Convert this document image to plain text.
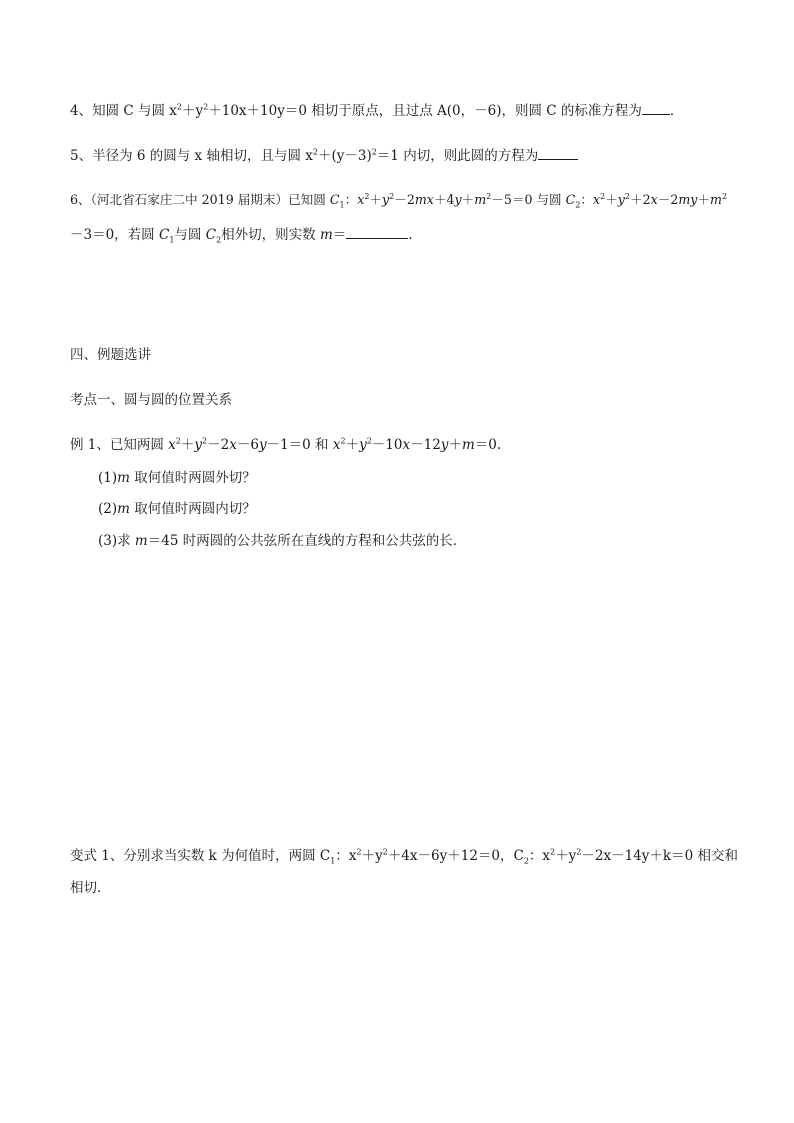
4、知圆 C 与圆 $x^2+y^2+10x+10y=0$ 相切于原点，且过点 A(0，－6)，则圆 C 的标准方程为 ．
5、半径为 6 的圆与 x 轴相切，且与圆 $x^2+(y-3)^2=1$ 内切，则此圆的方程为
6、（河北省石家庄二中 2019 届期末）已知圆 $C_1$：$x^2+y^2-2mx+4y+m^2-5=0$ 与圆 $C_2$：$x^2+y^2+2x-2my+m^2$
－3＝0，若圆 $C_1$与圆 $C_2$相外切，则实数 m＝	.
四、例题选讲
考点一、圆与圆的位置关系
例 1、已知两圆 $x^2+y^2-2x-6y-1=0$ 和 $x^2+y^2-10x-12y+m=0$.
(1)m 取何值时两圆外切？
(2)m 取何值时两圆内切？
(3)求 m＝45 时两圆的公共弦所在直线的方程和公共弦的长．
变式 1、分别求当实数 k 为何值时，两圆 $C_1$：$x^2+y^2+4x-6y+12=0$，$C_2$：$x^2+y^2-2x-14y+k=0$ 相交和
相切．
